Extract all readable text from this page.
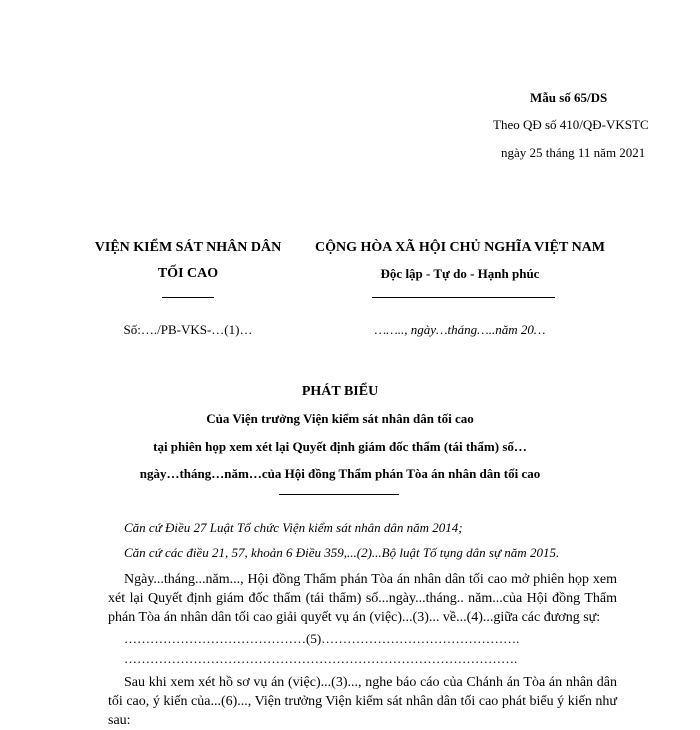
Mẫu số 65/DS
Theo QĐ số 410/QĐ-VKSTC
ngày 25 tháng 11 năm 2021
VIỆN KIỂM SÁT NHÂN DÂN
TỐI CAO
Số:…./PB-VKS-…(1)…
CỘNG HÒA XÃ HỘI CHỦ NGHĨA VIỆT NAM
Độc lập - Tự do - Hạnh phúc
…….., ngày…tháng…..năm 20…
PHÁT BIỂU
Của Viện trưởng Viện kiểm sát nhân dân tối cao
tại phiên họp xem xét lại Quyết định giám đốc thẩm (tái thẩm) số…
ngày…tháng…năm…của Hội đồng Thẩm phán Tòa án nhân dân tối cao
Căn cứ Điều 27 Luật Tổ chức Viện kiểm sát nhân dân năm 2014;
Căn cứ các điều 21, 57, khoản 6 Điều 359,...(2)...Bộ luật Tố tụng dân sự năm 2015.
Ngày...tháng...năm..., Hội đồng Thẩm phán Tòa án nhân dân tối cao mở phiên họp xem xét lại Quyết định giám đốc thẩm (tái thẩm) số...ngày...tháng.. năm...của Hội đồng Thẩm phán Tòa án nhân dân tối cao giải quyết vụ án (việc)...(3)... về...(4)...giữa các đương sự:
……………………………………(5)……………………………………….
……………………………………………………………………………….
Sau khi xem xét hồ sơ vụ án (việc)...(3)..., nghe báo cáo của Chánh án Tòa án nhân dân tối cao, ý kiến của...(6)..., Viện trưởng Viện kiểm sát nhân dân tối cao phát biểu ý kiến như sau:
